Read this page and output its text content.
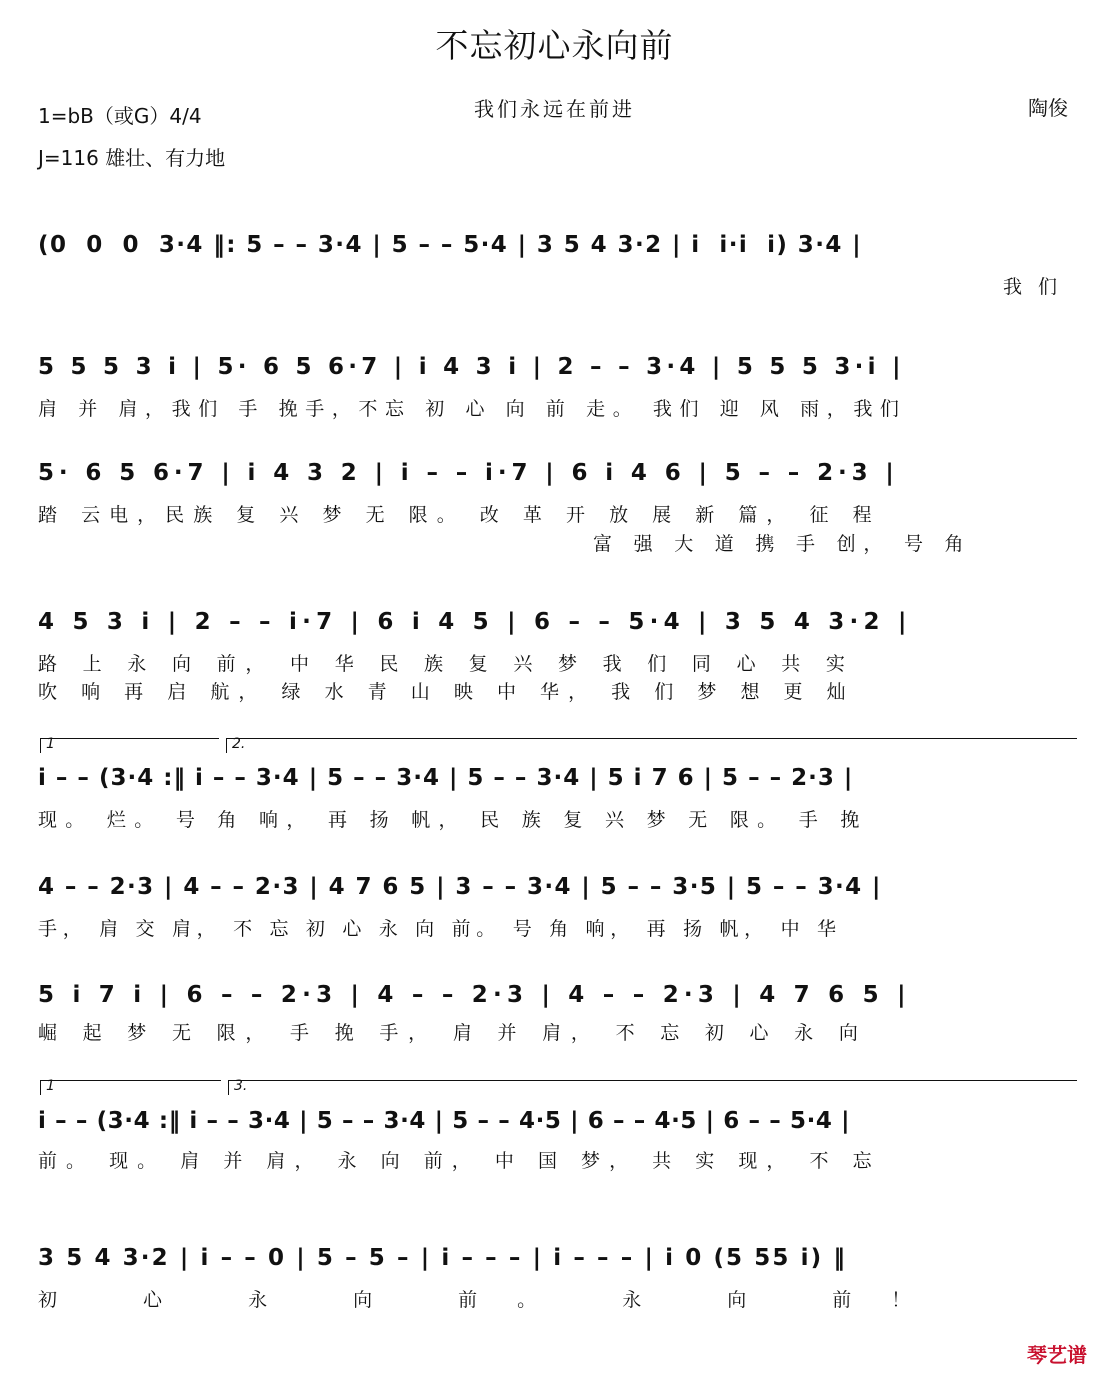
不忘初心永向前
1=bB（或G）4/4
J=116 雄壮、有力地
我们永远在前进	陶俊
(0  0  0  3·4 ‖: 5 – – 3·4 | 5 – – 5·4 | 3 5 4 3·2 | i  i·i  i) 3·4 |
我 们
5 5 5 3 i | 5· 6 5 6·7 | i 4 3 i | 2 – – 3·4 | 5 5 5 3·i |
肩 并 肩，我们 手 挽手，不忘 初 心 向 前 走。 我们 迎 风 雨，我们
5· 6 5 6·7 | i 4 3 2 | i – – i·7 | 6 i 4 6 | 5 – – 2·3 |
踏 云电，民族 复 兴 梦 无 限。 改 革 开 放 展 新 篇， 征 程
富 强 大 道 携 手 创， 号 角
4 5 3 i | 2 – – i·7 | 6 i 4 5 | 6 – – 5·4 | 3 5 4 3·2 |
路 上 永 向 前， 中 华 民 族 复 兴 梦 我 们 同 心 共 实
吹 响 再 启 航， 绿 水 青 山 映 中 华， 我 们 梦 想 更 灿
1	2.
i – – (3·4 :‖ i – – 3·4 | 5 – – 3·4 | 5 – – 3·4 | 5 i 7 6 | 5 – – 2·3 |
现。 烂。 号 角 响， 再 扬 帆， 民 族 复 兴 梦 无 限。 手 挽
4 – – 2·3 | 4 – – 2·3 | 4 7 6 5 | 3 – – 3·4 | 5 – – 3·5 | 5 – – 3·4 |
手， 肩 交 肩， 不 忘 初 心 永 向 前。 号 角 响， 再 扬 帆， 中 华
5 i 7 i | 6 – – 2·3 | 4 – – 2·3 | 4 – – 2·3 | 4 7 6 5 |
崛 起 梦 无 限， 手 挽 手， 肩 并 肩， 不 忘 初 心 永 向
1	3.
i – – (3·4 :‖ i – – 3·4 | 5 – – 3·4 | 5 – – 4·5 | 6 – – 4·5 | 6 – – 5·4 |
前。 现。 肩 并 肩， 永 向 前， 中 国 梦， 共 实 现， 不 忘
3 5 4 3·2 | i – – 0 | 5 – 5 – | i – – – | i – – – | i 0 (5 55 i) ‖
初 心 永 向 前。 永 向 前！
琴艺谱
